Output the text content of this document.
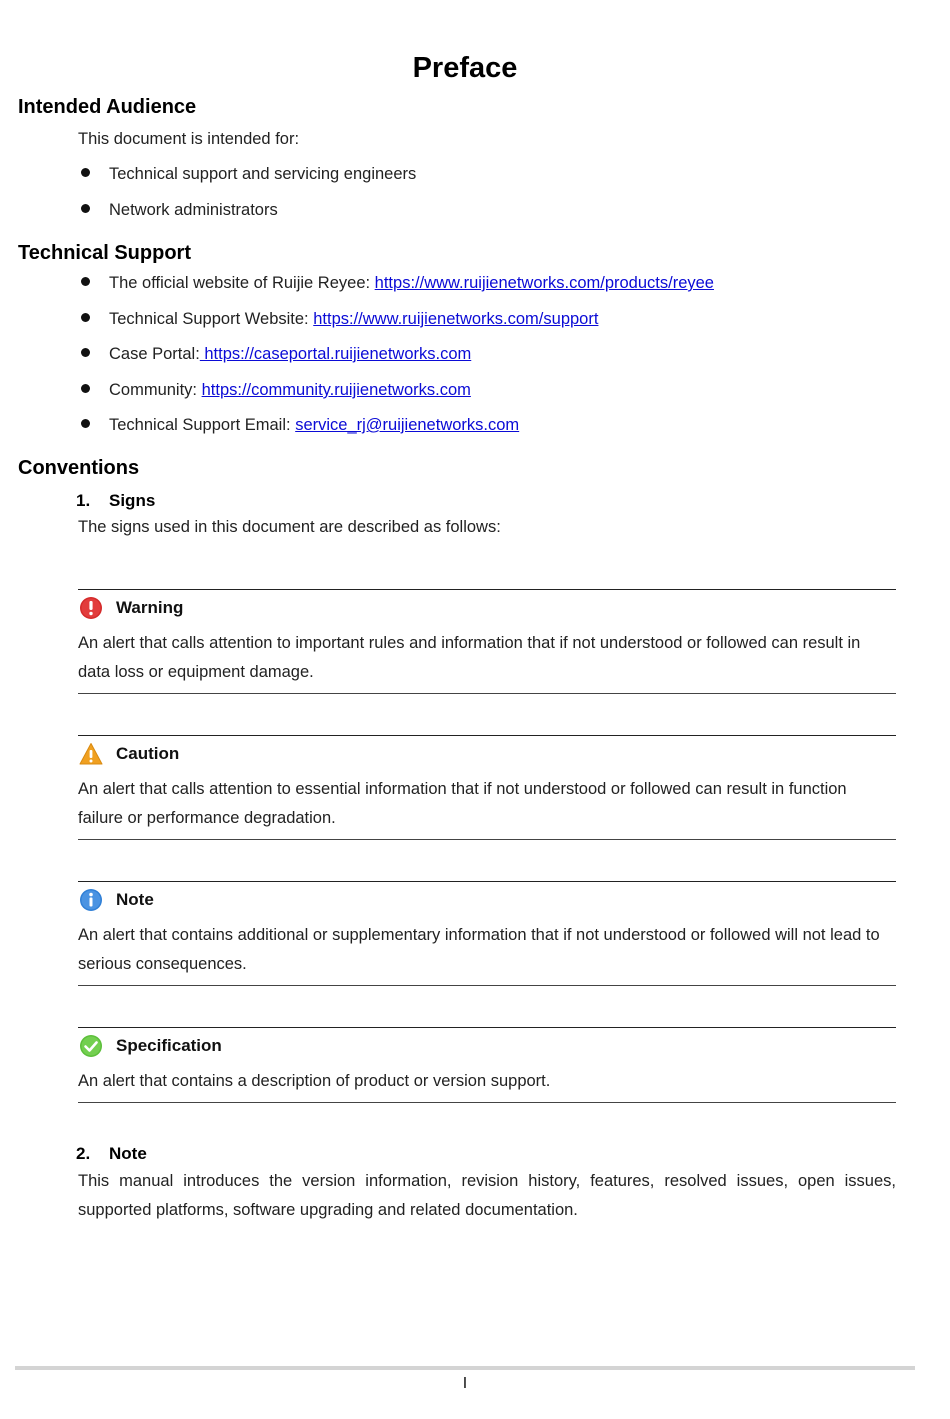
Preface
Intended Audience

This document is intended for:

Technical support and servicing engineers
Network administrators
Technical Support
The official website of Ruijie Reyee: https://www.ruijienetworks.com/products/reyee
Technical Support Website: https://www.ruijienetworks.com/support
Case Portal: https://caseportal.ruijienetworks.com
Community: https://community.ruijienetworks.com
Technical Support Email: service_rj@ruijienetworks.com
Conventions
1. Signs

The signs used in this document are described as follows:

Warning

An alert that calls attention to important rules and information that if not understood or followed can result in data loss or equipment damage.

Caution

An alert that calls attention to essential information that if not understood or followed can result in function failure or performance degradation.

Note

An alert that contains additional or supplementary information that if not understood or followed will not lead to serious consequences.

Specification

An alert that contains a description of product or version support.

2. Note

This manual introduces the version information, revision history, features, resolved issues, open issues, supported platforms, software upgrading and related documentation.

I
